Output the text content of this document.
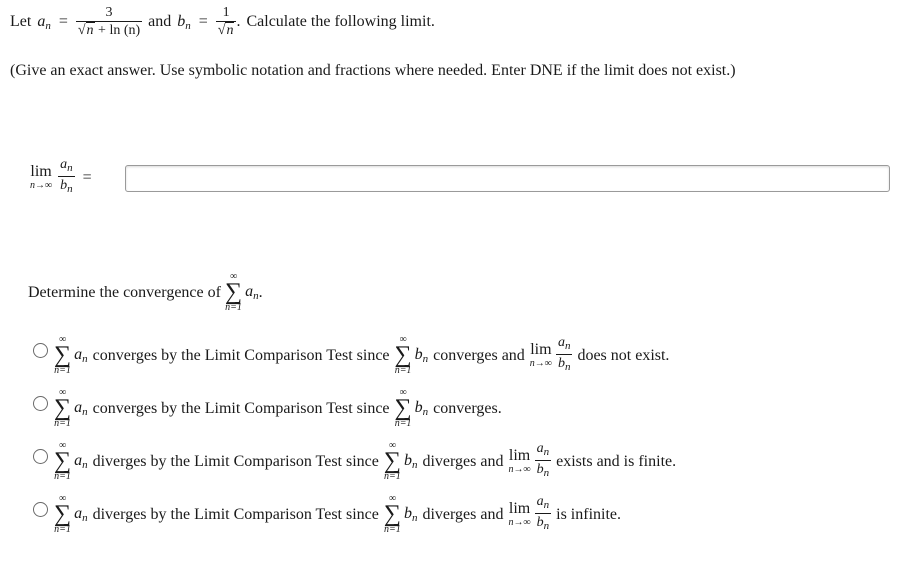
Let $a_n = \frac{3}{√n + \ln (n)}$ and $b_n = \frac{1}{√n}$ . Calculate the following limit.
(Give an exact answer. Use symbolic notation and fractions where needed. Enter DNE if the limit does not exist.)
lim
$n\to\infty \frac{a_n}{b_n}$ =
Determine the convergence of
∞
∑
n=1
$a_n$ .
∞
∑
n=1
$a_n$ converges by the Limit Comparison Test since
∞
∑
n=1
$b_n$ converges and lim
$n\to\infty \frac{a_n}{b_n}$ does not exist.
∞
∑
n=1
$a_n$ converges by the Limit Comparison Test since
∞
∑
n=1
$b_n$ converges.
∞
∑
n=1
$a_n$ diverges by the Limit Comparison Test since
∞
∑
n=1
$b_n$ diverges and lim
$n\to\infty \frac{a_n}{b_n}$ exists and is finite.
∞
∑
n=1
$a_n$ diverges by the Limit Comparison Test since
∞
∑
n=1
$b_n$ diverges and lim
$n\to\infty \frac{a_n}{b_n}$ is infinite.
